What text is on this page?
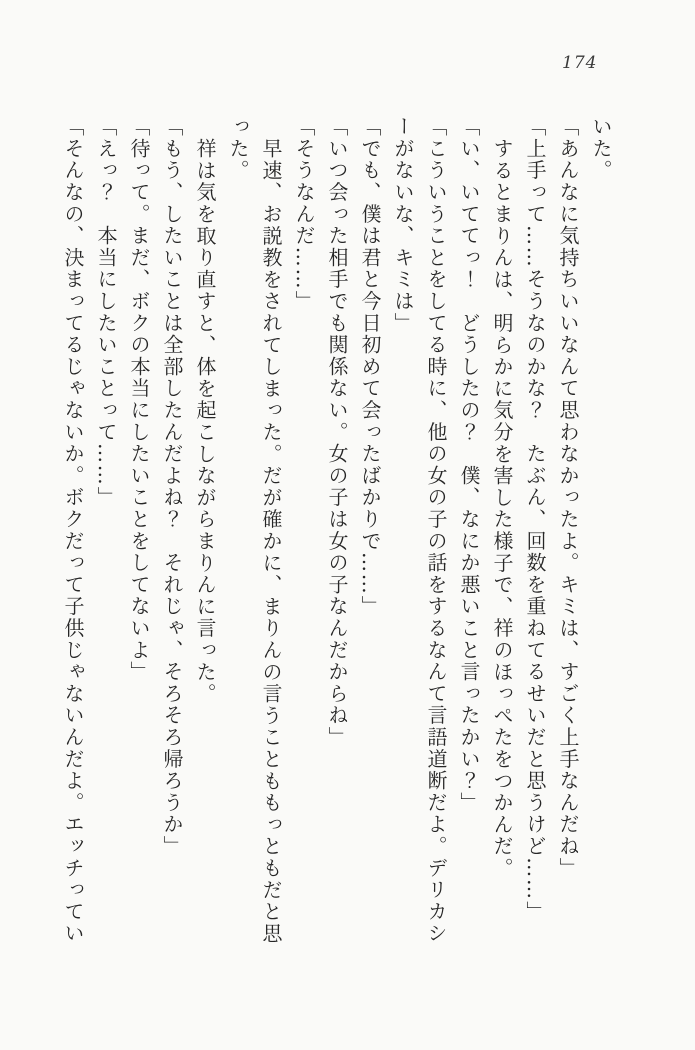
174

いた。

「あんなに気持ちいいなんて思わなかったよ。キミは、すごく上手なんだね」

「上手って……そうなのかな？　たぶん、回数を重ねてるせいだと思うけど……」

するとまりんは、明らかに気分を害した様子で、祥のほっぺたをつかんだ。

「い、いててっ！　どうしたの？　僕、なにか悪いこと言ったかい？」

「こういうことをしてる時に、他の女の子の話をするなんて言語道断だよ。デリカシ

ーがないな、キミは」

「でも、僕は君と今日初めて会ったばかりで……」

「いつ会った相手でも関係ない。女の子は女の子なんだからね」

「そうなんだ……」

早速、お説教をされてしまった。だが確かに、まりんの言うことももっともだと思

った。

祥は気を取り直すと、体を起こしながらまりんに言った。

「もう、したいことは全部したんだよね？　それじゃ、そろそろ帰ろうか」

「待って。まだ、ボクの本当にしたいことをしてないよ」

「えっ？　本当にしたいことって……」

「そんなの、決まってるじゃないか。ボクだって子供じゃないんだよ。エッチってい
